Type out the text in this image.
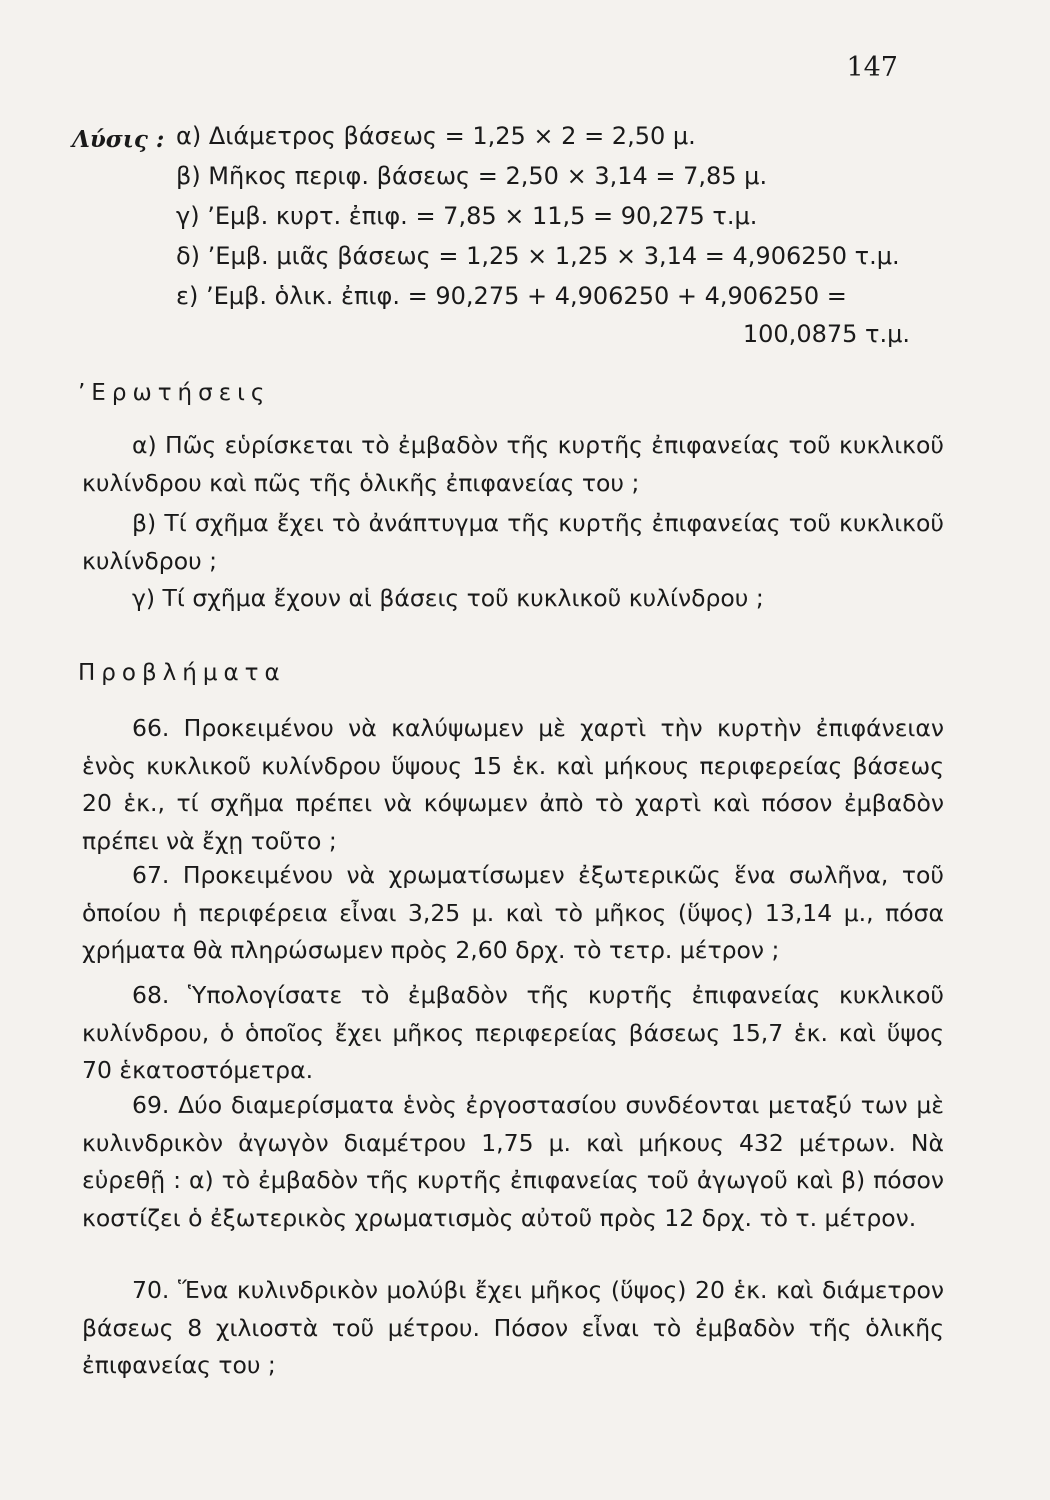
147
Λύσις : α) Διάμετρος βάσεως = 1,25 × 2 = 2,50 μ.
β) Μῆκος περιφ. βάσεως = 2,50 × 3,14 = 7,85 μ.
γ) ’Εμβ. κυρτ. ἐπιφ. = 7,85 × 11,5 = 90,275 τ.μ.
δ) ’Εμβ. μιᾶς βάσεως = 1,25 × 1,25 × 3,14 = 4,906250 τ.μ.
ε) ’Εμβ. ὁλικ. ἐπιφ. = 90,275 + 4,906250 + 4,906250 =
100,0875 τ.μ.
’Ερωτήσεις
α) Πῶς εὑρίσκεται τὸ ἐμβαδὸν τῆς κυρτῆς ἐπιφανείας τοῦ κυκλικοῦ κυλίνδρου καὶ πῶς τῆς ὁλικῆς ἐπιφανείας του ;
β) Τί σχῆμα ἔχει τὸ ἀνάπτυγμα τῆς κυρτῆς ἐπιφανείας τοῦ κυκλικοῦ κυλίνδρου ;
γ) Τί σχῆμα ἔχουν αἱ βάσεις τοῦ κυκλικοῦ κυλίνδρου ;
Προβλήματα
66. Προκειμένου νὰ καλύψωμεν μὲ χαρτὶ τὴν κυρτὴν ἐπιφάνειαν ἑνὸς κυκλικοῦ κυλίνδρου ὕψους 15 ἑκ. καὶ μήκους περιφερείας βάσεως 20 ἑκ., τί σχῆμα πρέπει νὰ κόψωμεν ἀπὸ τὸ χαρτὶ καὶ πόσον ἐμβαδὸν πρέπει νὰ ἔχῃ τοῦτο ;
67. Προκειμένου νὰ χρωματίσωμεν ἐξωτερικῶς ἕνα σωλῆνα, τοῦ ὁποίου ἡ περιφέρεια εἶναι 3,25 μ. καὶ τὸ μῆκος (ὕψος) 13,14 μ., πόσα χρήματα θὰ πληρώσωμεν πρὸς 2,60 δρχ. τὸ τετρ. μέτρον ;
68. Ὑπολογίσατε τὸ ἐμβαδὸν τῆς κυρτῆς ἐπιφανείας κυκλικοῦ κυλίνδρου, ὁ ὁποῖος ἔχει μῆκος περιφερείας βάσεως 15,7 ἑκ. καὶ ὕψος 70 ἑκατοστόμετρα.
69. Δύο διαμερίσματα ἑνὸς ἐργοστασίου συνδέονται μεταξύ των μὲ κυλινδρικὸν ἀγωγὸν διαμέτρου 1,75 μ. καὶ μήκους 432 μέτρων. Νὰ εὑρεθῇ : α) τὸ ἐμβαδὸν τῆς κυρτῆς ἐπιφανείας τοῦ ἀγωγοῦ καὶ β) πόσον κοστίζει ὁ ἐξωτερικὸς χρωματισμὸς αὐτοῦ πρὸς 12 δρχ. τὸ τ. μέτρον.
70. Ἕνα κυλινδρικὸν μολύβι ἔχει μῆκος (ὕψος) 20 ἑκ. καὶ διάμετρον βάσεως 8 χιλιοστὰ τοῦ μέτρου. Πόσον εἶναι τὸ ἐμβαδὸν τῆς ὁλικῆς ἐπιφανείας του ;
